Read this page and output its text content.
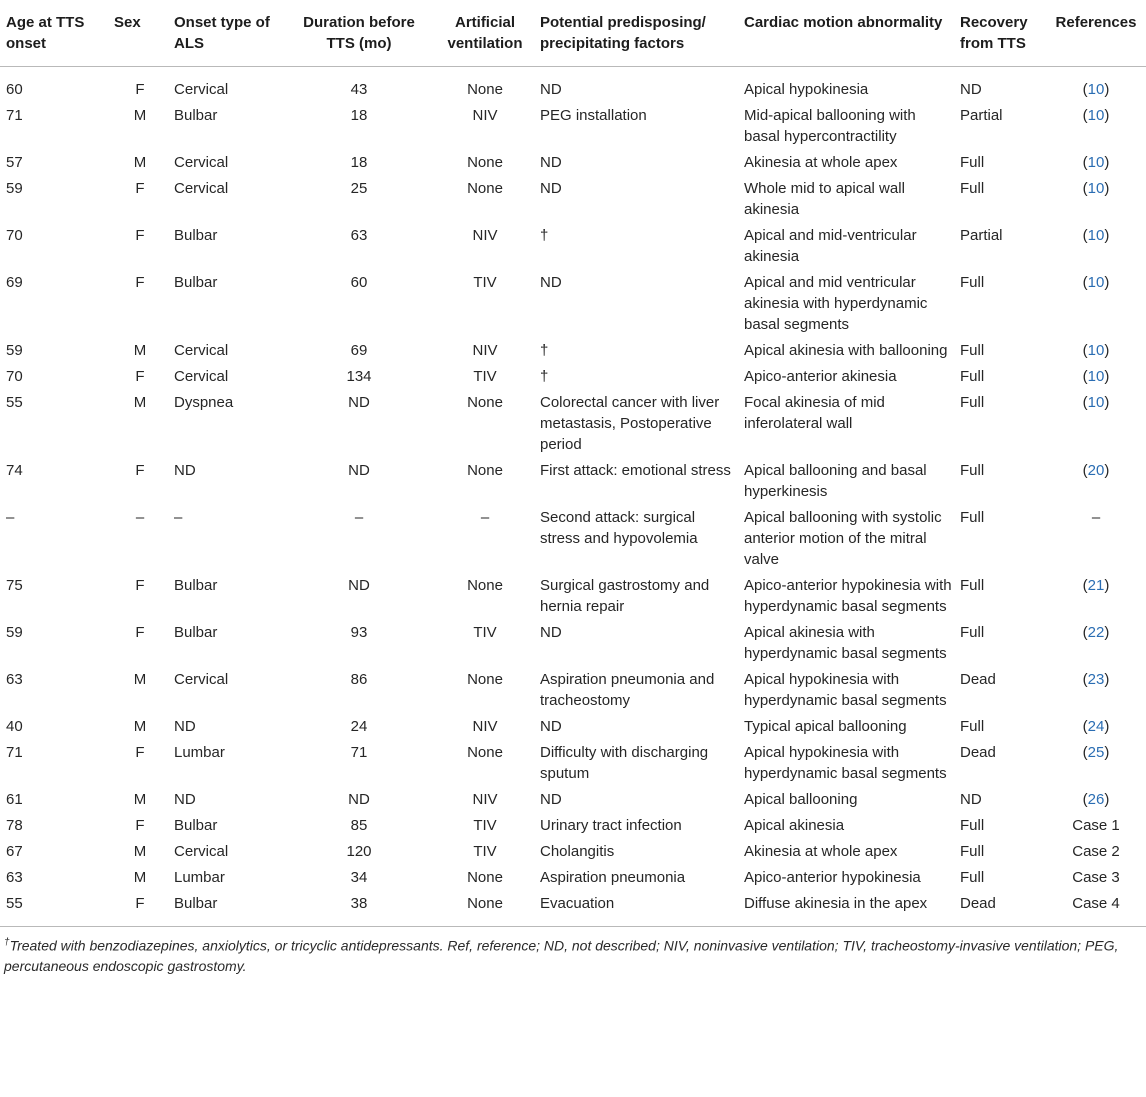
Age at TTS onset	Sex	Onset type of ALS	Duration before TTS (mo)	Artificial ventilation	Potential predisposing/ precipitating factors	Cardiac motion abnormality	Recovery from TTS	References
60	F	Cervical	43	None	ND	Apical hypokinesia	ND	(10)
71	M	Bulbar	18	NIV	PEG installation	Mid-apical ballooning with basal hypercontractility	Partial	(10)
57	M	Cervical	18	None	ND	Akinesia at whole apex	Full	(10)
59	F	Cervical	25	None	ND	Whole mid to apical wall akinesia	Full	(10)
70	F	Bulbar	63	NIV	†	Apical and mid-ventricular akinesia	Partial	(10)
69	F	Bulbar	60	TIV	ND	Apical and mid ventricular akinesia with hyperdynamic basal segments	Full	(10)
59	M	Cervical	69	NIV	†	Apical akinesia with ballooning	Full	(10)
70	F	Cervical	134	TIV	†	Apico-anterior akinesia	Full	(10)
55	M	Dyspnea	ND	None	Colorectal cancer with liver metastasis, Postoperative period	Focal akinesia of mid inferolateral wall	Full	(10)
74	F	ND	ND	None	First attack: emotional stress	Apical ballooning and basal hyperkinesis	Full	(20)
–	–	–	–	–	Second attack: surgical stress and hypovolemia	Apical ballooning with systolic anterior motion of the mitral valve	Full	–
75	F	Bulbar	ND	None	Surgical gastrostomy and hernia repair	Apico-anterior hypokinesia with hyperdynamic basal segments	Full	(21)
59	F	Bulbar	93	TIV	ND	Apical akinesia with hyperdynamic basal segments	Full	(22)
63	M	Cervical	86	None	Aspiration pneumonia and tracheostomy	Apical hypokinesia with hyperdynamic basal segments	Dead	(23)
40	M	ND	24	NIV	ND	Typical apical ballooning	Full	(24)
71	F	Lumbar	71	None	Difficulty with discharging sputum	Apical hypokinesia with hyperdynamic basal segments	Dead	(25)
61	M	ND	ND	NIV	ND	Apical ballooning	ND	(26)
78	F	Bulbar	85	TIV	Urinary tract infection	Apical akinesia	Full	Case 1
67	M	Cervical	120	TIV	Cholangitis	Akinesia at whole apex	Full	Case 2
63	M	Lumbar	34	None	Aspiration pneumonia	Apico-anterior hypokinesia	Full	Case 3
55	F	Bulbar	38	None	Evacuation	Diffuse akinesia in the apex	Dead	Case 4
†Treated with benzodiazepines, anxiolytics, or tricyclic antidepressants. Ref, reference; ND, not described; NIV, noninvasive ventilation; TIV, tracheostomy-invasive ventilation; PEG, percutaneous endoscopic gastrostomy.
